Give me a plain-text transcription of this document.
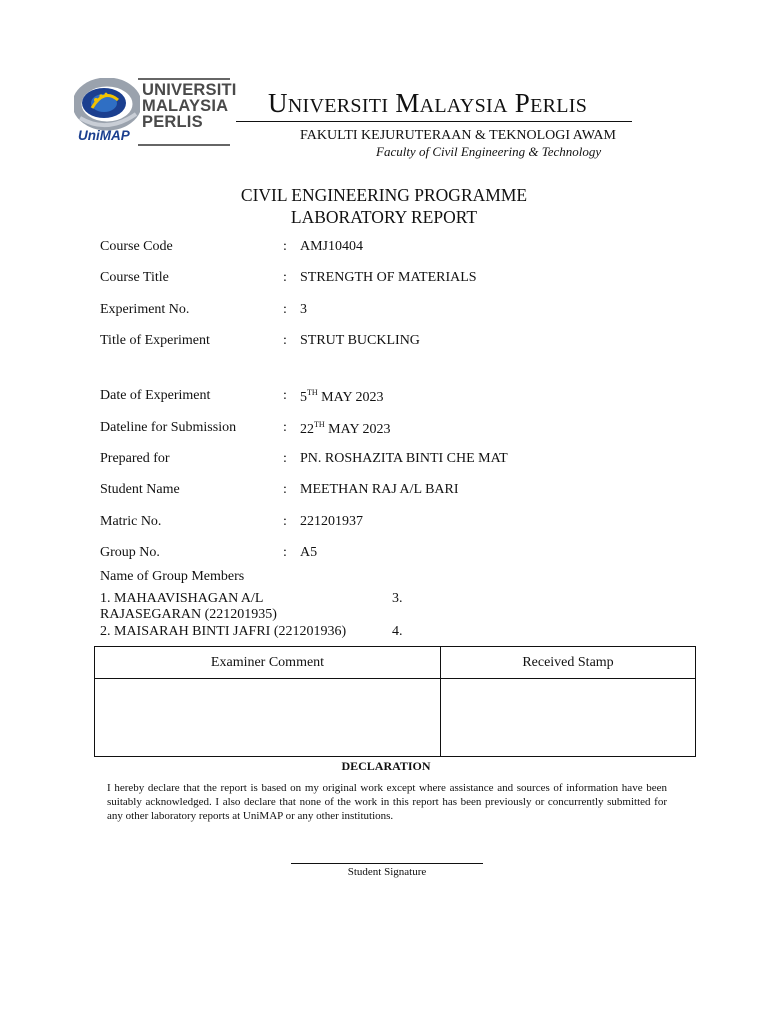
UNIVERSITI
MALAYSIA
PERLIS
UniMAP
UNIVERSITI MALAYSIA PERLIS
FAKULTI KEJURUTERAAN & TEKNOLOGI AWAM
Faculty of Civil Engineering & Technology
CIVIL ENGINEERING PROGRAMME
LABORATORY REPORT
Course Code	: AMJ10404
Course Title	: STRENGTH OF MATERIALS
Experiment No.	: 3
Title of Experiment	: STRUT BUCKLING
Date of Experiment	: 5TH MAY 2023
Dateline for Submission	: 22TH MAY 2023
Prepared for	: PN. ROSHAZITA BINTI CHE MAT
Student Name	: MEETHAN RAJ A/L BARI
Matric No.	: 221201937
Group No.	: A5
Name of Group Members
1. MAHAAVISHAGAN A/L
RAJASEGARAN (221201935)
2. MAISARAH BINTI JAFRI (221201936)
3.
4.
Examiner Comment	Received Stamp
DECLARATION
I hereby declare that the report is based on my original work except where assistance and sources of information have been suitably acknowledged. I also declare that none of the work in this report has been previously or concurrently submitted for any other laboratory reports at UniMAP or any other institutions.
Student Signature
